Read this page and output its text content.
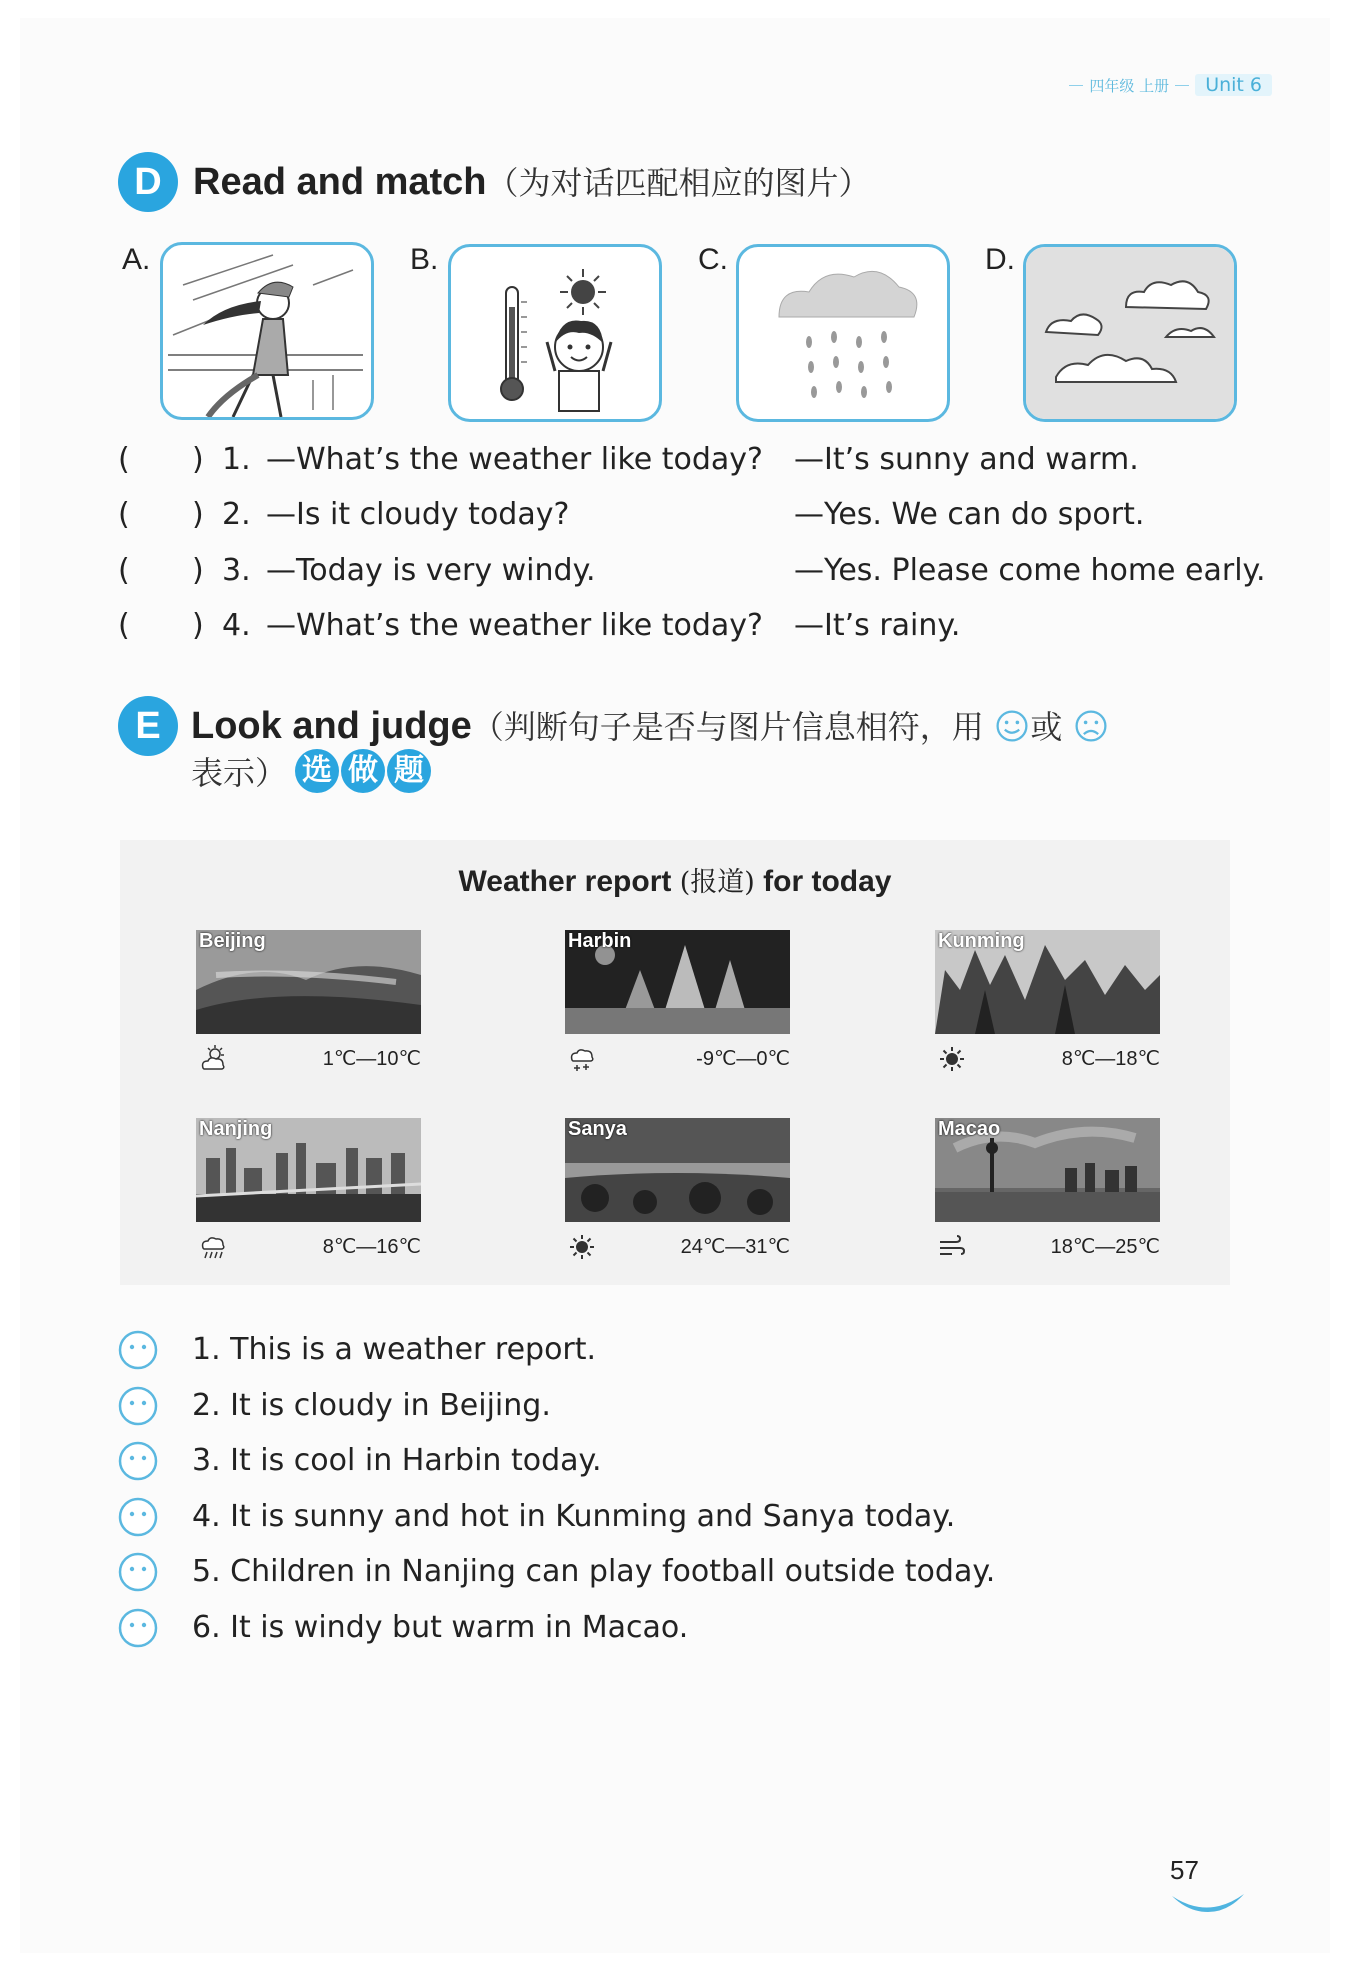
四年级 上册	Unit 6
D Read and match（为对话匹配相应的图片）
A.	B.	C.	D.
( ) 1. —What’s the weather like today? —It’s sunny and warm.
( ) 2. —Is it cloudy today?	—Yes. We can do sport.
( ) 3. —Today is very windy.	—Yes. Please come home early.
( ) 4. —What’s the weather like today? —It’s rainy.
E Look and judge（判断句子是否与图片信息相符，用 或
表示） 选 做 题
Weather report (报道) for today
Beijing
1℃—10℃
Harbin
-9℃—0℃
Kunming
8℃—18℃
Nanjing
8℃—16℃
Sanya
24℃—31℃
Macao
18℃—25℃
1. This is a weather report.
2. It is cloudy in Beijing.
3. It is cool in Harbin today.
4. It is sunny and hot in Kunming and Sanya today.
5. Children in Nanjing can play football outside today.
6. It is windy but warm in Macao.
57
